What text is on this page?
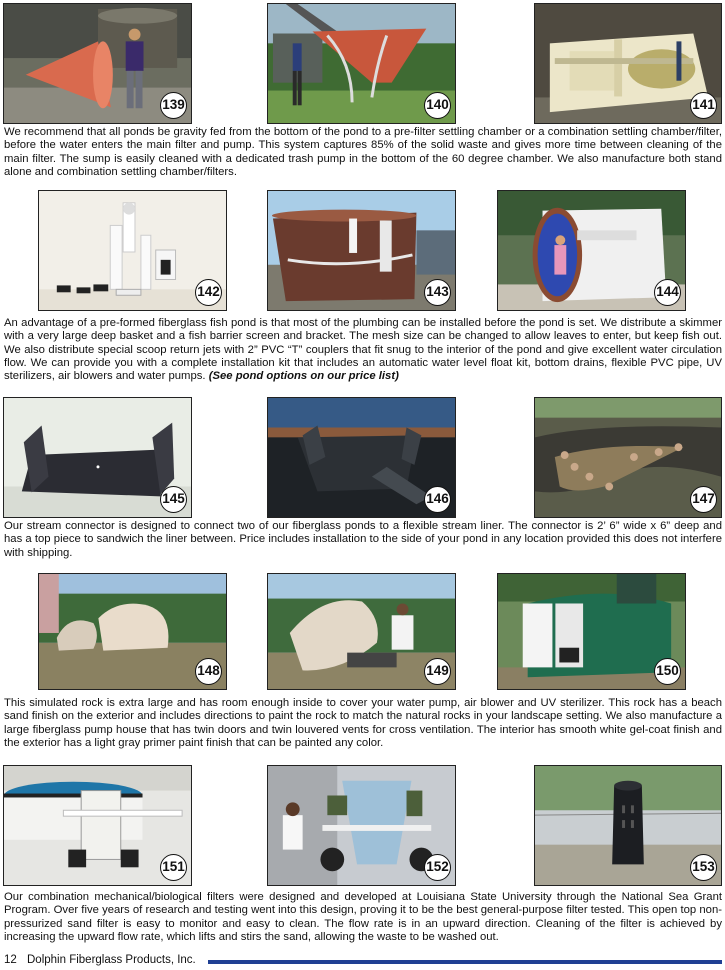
139	140	141
We recommend that all ponds be gravity fed from the bottom of the pond to a pre-filter settling chamber or a combination settling chamber/filter, before the water enters the main filter and pump. This system captures 85% of the solid waste and gives more time between cleaning of the main filter. The sump is easily cleaned with a dedicated trash pump in the bottom of the 60 degree chamber. We also manufacture both stand alone and combination settling chamber/filters.
142	143	144
An advantage of a pre-formed fiberglass fish pond is that most of the plumbing can be installed before the pond is set. We distribute a skimmer with a very large deep basket and a fish barrier screen and bracket. The mesh size can be changed to allow leaves to enter, but keep fish out. We also distribute special scoop return jets with 2” PVC “T” couplers that fit snug to the interior of the pond and give excellent water circulation flow. We can provide you with a complete installation kit that includes an automatic water level float kit, bottom drains, flexible PVC pipe, UV sterilizers, air blowers and water pumps. (See pond options on our price list)
145	146	147
Our stream connector is designed to connect two of our fiberglass ponds to a flexible stream liner. The connector is 2’ 6” wide x 6” deep and has a top piece to sandwich the liner between. Price includes installation to the side of your pond in any location provided this does not interfere with shipping.
148	149	150
This simulated rock is extra large and has room enough inside to cover your water pump, air blower and UV sterilizer. This rock has a beach sand finish on the exterior and includes directions to paint the rock to match the natural rocks in your landscape setting. We also manufacture a large fiberglass pump house that has twin doors and twin louvered vents for cross ventilation. The interior has smooth white gel-coat finish and the exterior has a light gray primer paint finish that can be painted any color.
151	152	153
Our combination mechanical/biological filters were designed and developed at Louisiana State University through the National Sea Grant Program. Over five years of research and testing went into this design, proving it to be the best general-purpose filter tested. This open top non-pressurized sand filter is easy to monitor and easy to clean. The flow rate is in an upward direction. Cleaning of the filter is achieved by increasing the upward flow rate, which lifts and stirs the sand, allowing the waste to be washed out.
12 Dolphin Fiberglass Products, Inc.
